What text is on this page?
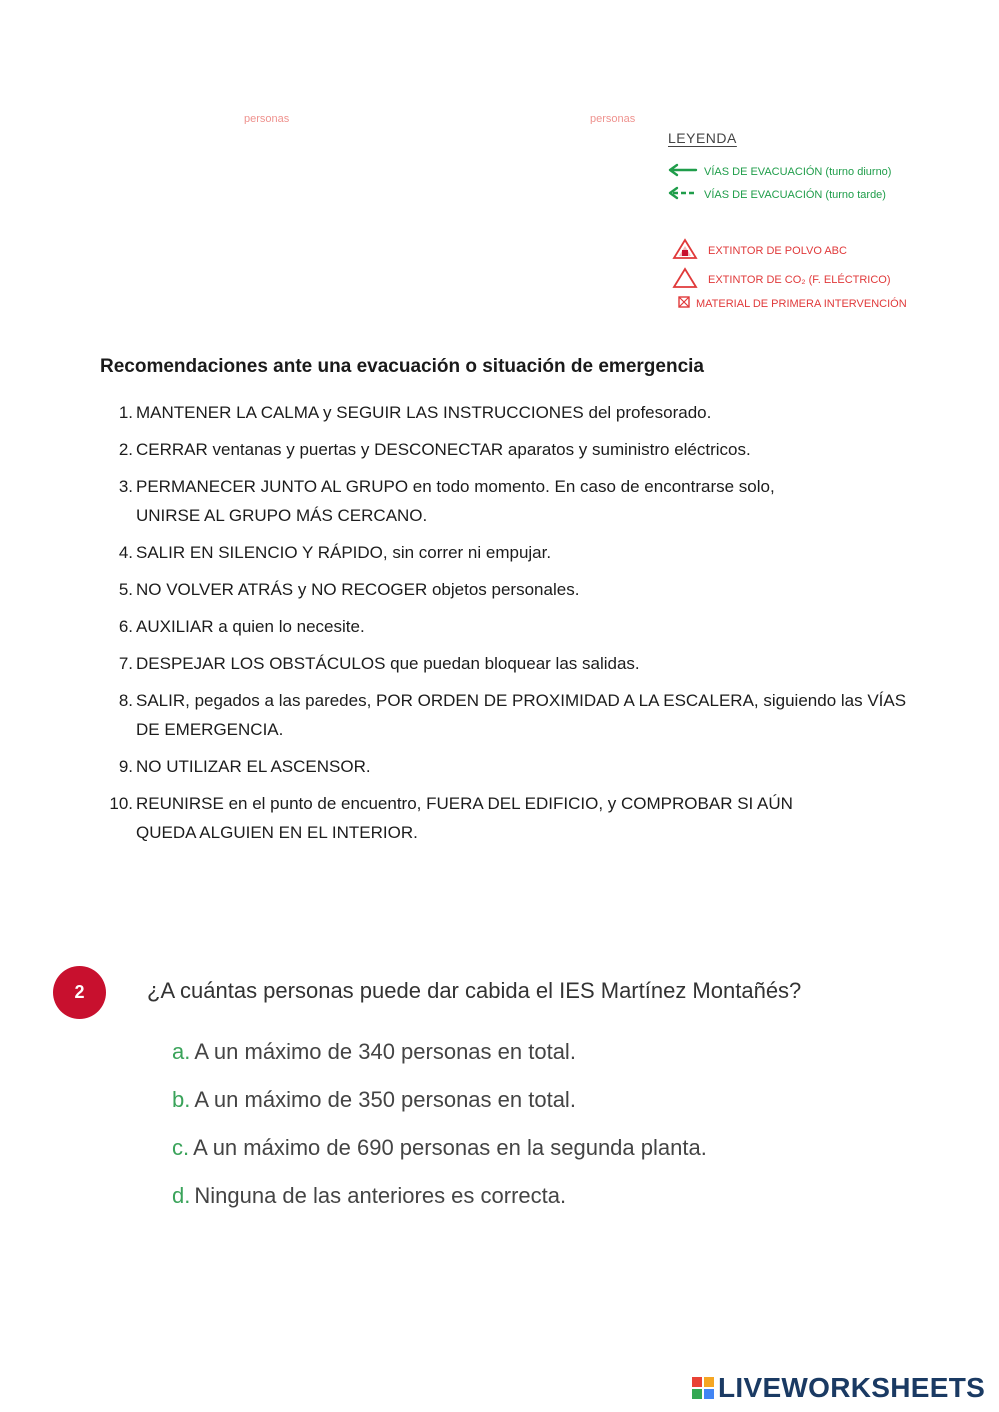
personas	personas
LEYENDA
VÍAS DE EVACUACIÓN (turno diurno)
VÍAS DE EVACUACIÓN (turno tarde)
EXTINTOR DE POLVO ABC
EXTINTOR DE CO₂ (F. ELÉCTRICO)
MATERIAL DE PRIMERA INTERVENCIÓN
Recomendaciones ante una evacuación o situación de emergencia
1. MANTENER LA CALMA y SEGUIR LAS INSTRUCCIONES del profesorado.
2. CERRAR ventanas y puertas y DESCONECTAR aparatos y suministro eléctricos.
3. PERMANECER JUNTO AL GRUPO en todo momento. En caso de encontrarse solo, UNIRSE AL GRUPO MÁS CERCANO.
4. SALIR EN SILENCIO Y RÁPIDO, sin correr ni empujar.
5. NO VOLVER ATRÁS y NO RECOGER objetos personales.
6. AUXILIAR a quien lo necesite.
7. DESPEJAR LOS OBSTÁCULOS que puedan bloquear las salidas.
8. SALIR, pegados a las paredes, POR ORDEN DE PROXIMIDAD A LA ESCALERA, siguiendo las VÍAS DE EMERGENCIA.
9. NO UTILIZAR EL ASCENSOR.
10. REUNIRSE en el punto de encuentro, FUERA DEL EDIFICIO, y COMPROBAR SI AÚN QUEDA ALGUIEN EN EL INTERIOR.
2	¿A cuántas personas puede dar cabida el IES Martínez Montañés?
a. A un máximo de 340 personas en total.
b. A un máximo de 350 personas en total.
c. A un máximo de 690 personas en la segunda planta.
d. Ninguna de las anteriores es correcta.
LIVEWORKSHEETS
